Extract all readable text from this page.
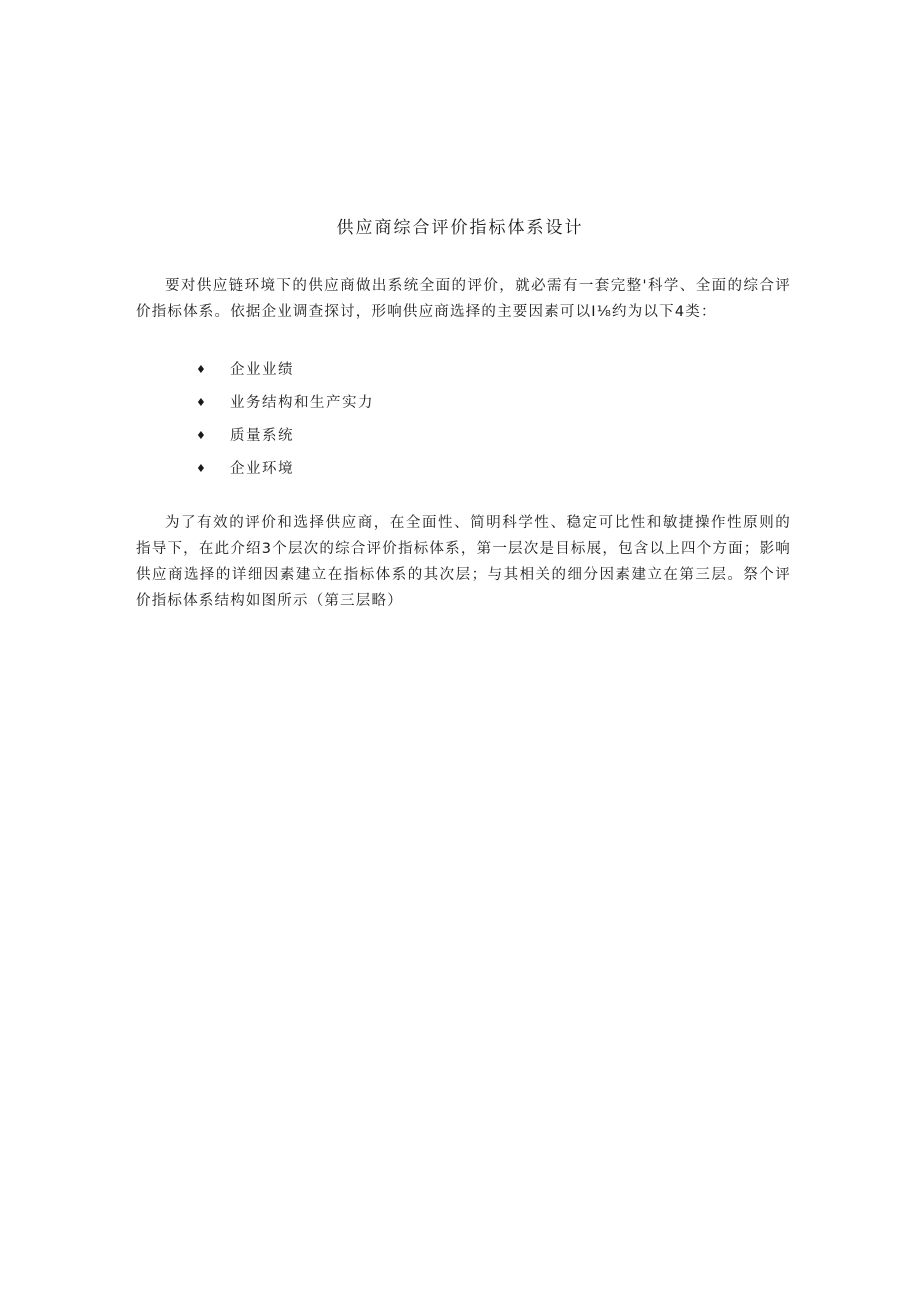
供应商综合评价指标体系设计

要对供应链环境下的供应商做出系统全面的评价，就必需有一套完整'科学、全面的综合评价指标体系。依据企业调查探讨，形响供应商选择的主要因素可以I⅛约为以下4类：

♦	企业业绩
♦	业务结构和生产实力
♦	质量系统
♦	企业环境

为了有效的评价和选择供应商，在全面性、简明科学性、稳定可比性和敏捷操作性原则的指导下，在此介绍3个层次的综合评价指标体系，第一层次是目标展，包含以上四个方面；影响供应商选择的详细因素建立在指标体系的其次层；与其相关的细分因素建立在第三层。祭个评价指标体系结构如图所示（第三层略）
